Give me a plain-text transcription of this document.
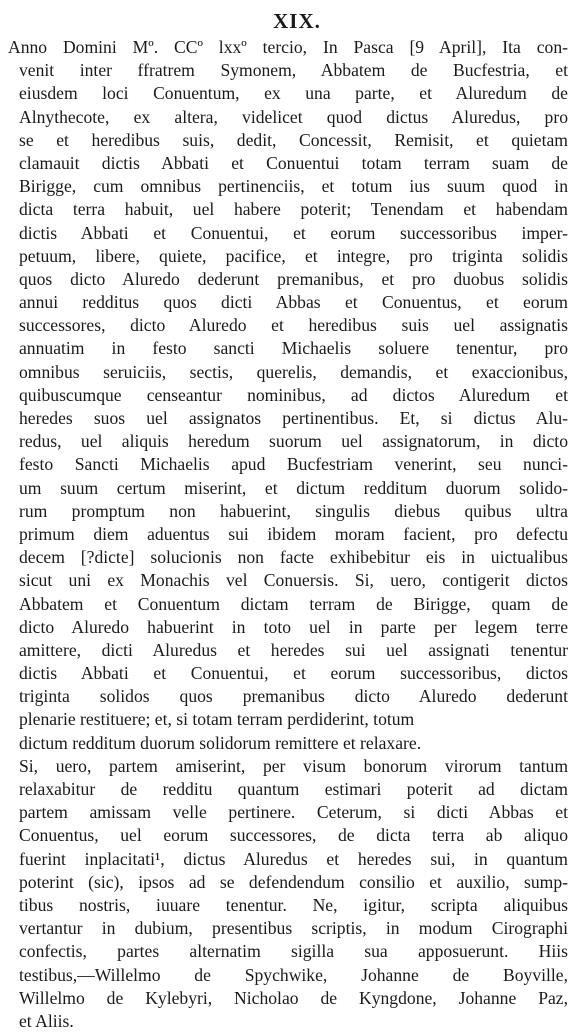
XIX.
Anno Domini Mº. CCº lxxº tercio, In Pasca [9 April], Ita con-
venit inter ffratrem Symonem, Abbatem de Bucfestria, et
eiusdem loci Conuentum, ex una parte, et Aluredum de
Alnythecote, ex altera, videlicet quod dictus Aluredus, pro
se et heredibus suis, dedit, Concessit, Remisit, et quietam
clamauit dictis Abbati et Conuentui totam terram suam de
Birigge, cum omnibus pertinenciis, et totum ius suum quod in
dicta terra habuit, uel habere poterit; Tenendam et habendam
dictis Abbati et Conuentui, et eorum successoribus imper-
petuum, libere, quiete, pacifice, et integre, pro triginta solidis
quos dicto Aluredo dederunt premanibus, et pro duobus solidis
annui redditus quos dicti Abbas et Conuentus, et eorum
successores, dicto Aluredo et heredibus suis uel assignatis
annuatim in festo sancti Michaelis soluere tenentur, pro
omnibus seruiciis, sectis, querelis, demandis, et exaccionibus,
quibuscumque censeantur nominibus, ad dictos Aluredum et
heredes suos uel assignatos pertinentibus. Et, si dictus Alu-
redus, uel aliquis heredum suorum uel assignatorum, in dicto
festo Sancti Michaelis apud Bucfestriam venerint, seu nunci-
um suum certum miserint, et dictum redditum duorum solido-
rum promptum non habuerint, singulis diebus quibus ultra
primum diem aduentus sui ibidem moram facient, pro defectu
decem [?dicte] solucionis non facte exhibebitur eis in uictualibus
sicut uni ex Monachis vel Conuersis. Si, uero, contigerit dictos
Abbatem et Conuentum dictam terram de Birigge, quam de
dicto Aluredo habuerint in toto uel in parte per legem terre
amittere, dicti Aluredus et heredes sui uel assignati tenentur
dictis Abbati et Conuentui, et eorum successoribus, dictos
triginta solidos quos premanibus dicto Aluredo dederunt
plenarie restituere; et, si totam terram perdiderint, totum
dictum redditum duorum solidorum remittere et relaxare.
Si, uero, partem amiserint, per visum bonorum virorum tantum
relaxabitur de redditu quantum estimari poterit ad dictam
partem amissam velle pertinere. Ceterum, si dicti Abbas et
Conuentus, uel eorum successores, de dicta terra ab aliquo
fuerint inplacitati¹, dictus Aluredus et heredes sui, in quantum
poterint (sic), ipsos ad se defendendum consilio et auxilio, sump-
tibus nostris, iuuare tenentur. Ne, igitur, scripta aliquibus
vertantur in dubium, presentibus scriptis, in modum Cirographi
confectis, partes alternatim sigilla sua apposuerunt. Hiis
testibus,—Willelmo de Spychwike, Johanne de Boyville,
Willelmo de Kylebyri, Nicholao de Kyngdone, Johanne Paz,
et Aliis.
